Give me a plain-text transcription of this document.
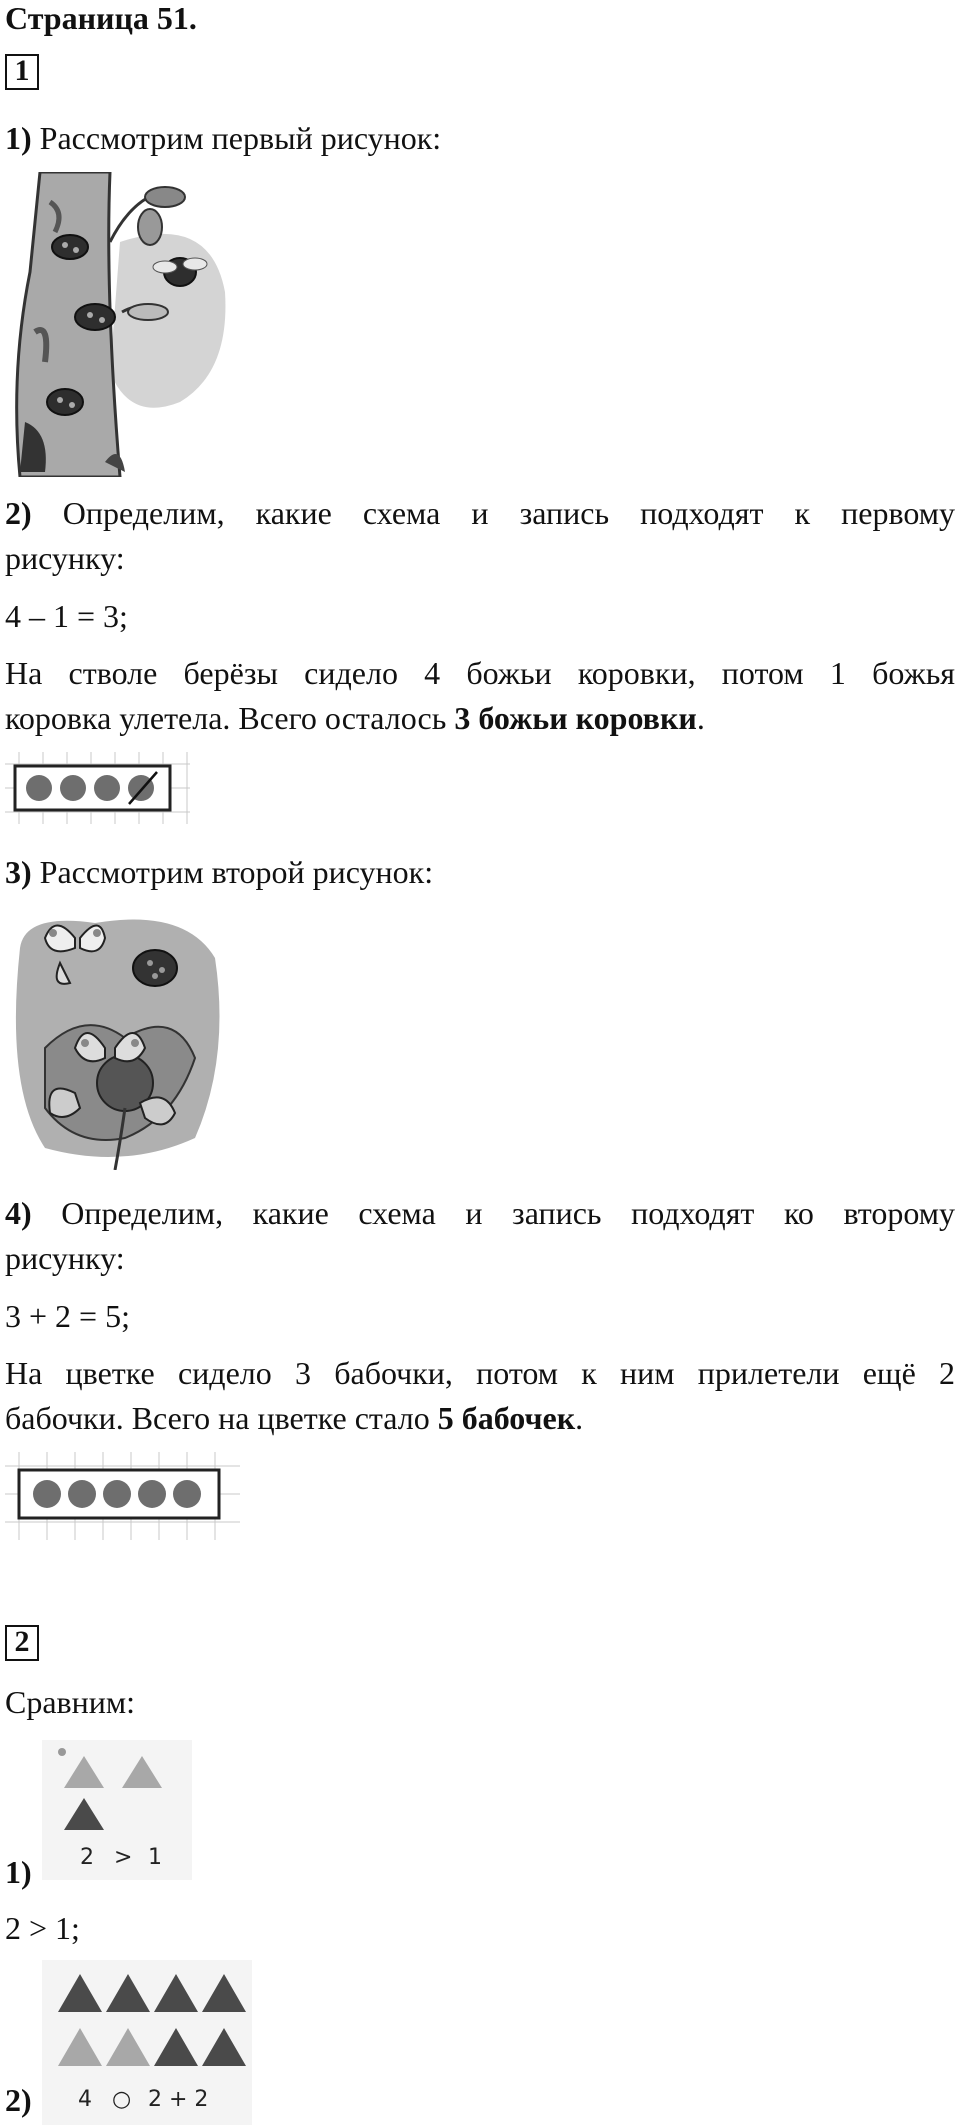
Страница 51.
1
1) Рассмотрим первый рисунок:
2) Определим, какие схема и запись подходят к первому
рисунку:
4 – 1 = 3;
На стволе берёзы сидело 4 божьи коровки, потом 1 божья
коровка улетела. Всего осталось 3 божьи коровки.
3) Рассмотрим второй рисунок:
4) Определим, какие схема и запись подходят ко второму
рисунку:
3 + 2 = 5;
На цветке сидело 3 бабочки, потом к ним прилетели ещё 2
бабочки. Всего на цветке стало 5 бабочек.
2
Сравним:
2 > 1
1)
2 > 1;
4 ○ 2 + 2
2)
